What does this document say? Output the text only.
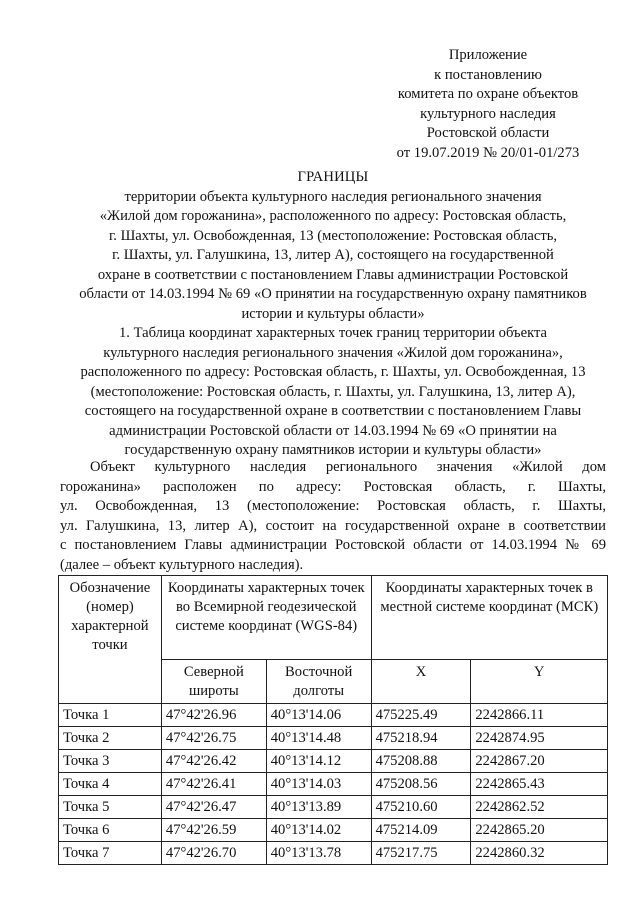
Приложение
к постановлению
комитета по охране объектов
культурного наследия
Ростовской области
от 19.07.2019 № 20/01-01/273
ГРАНИЦЫ
территории объекта культурного наследия регионального значения
«Жилой дом горожанина», расположенного по адресу: Ростовская область,
г. Шахты, ул. Освобожденная, 13 (местоположение: Ростовская область,
г. Шахты, ул. Галушкина, 13, литер А), состоящего на государственной
охране в соответствии с постановлением Главы администрации Ростовской
области от 14.03.1994 № 69 «О принятии на государственную охрану памятников
истории и культуры области»
1. Таблица координат характерных точек границ территории объекта
культурного наследия регионального значения «Жилой дом горожанина»,
расположенного по адресу: Ростовская область, г. Шахты, ул. Освобожденная, 13
(местоположение: Ростовская область, г. Шахты, ул. Галушкина, 13, литер А),
состоящего на государственной охране в соответствии с постановлением Главы
администрации Ростовской области от 14.03.1994 № 69 «О принятии на
государственную охрану памятников истории и культуры области»
Объект культурного наследия регионального значения «Жилой дом
горожанина» расположен по адресу: Ростовская область, г. Шахты,
ул. Освобожденная, 13 (местоположение: Ростовская область, г. Шахты,
ул. Галушкина, 13, литер А), состоит на государственной охране в соответствии
с постановлением Главы администрации Ростовской области от 14.03.1994 № 69
(далее – объект культурного наследия).
Обозначение (номер) характерной точки	Координаты характерных точек во Всемирной геодезической системе координат (WGS-84)		Координаты характерных точек в местной системе координат (МСК)	
	Северной широты	Восточной долготы	X	Y
Точка 1	47°42'26.96	40°13'14.06	475225.49	2242866.11
Точка 2	47°42'26.75	40°13'14.48	475218.94	2242874.95
Точка 3	47°42'26.42	40°13'14.12	475208.88	2242867.20
Точка 4	47°42'26.41	40°13'14.03	475208.56	2242865.43
Точка 5	47°42'26.47	40°13'13.89	475210.60	2242862.52
Точка 6	47°42'26.59	40°13'14.02	475214.09	2242865.20
Точка 7	47°42'26.70	40°13'13.78	475217.75	2242860.32
